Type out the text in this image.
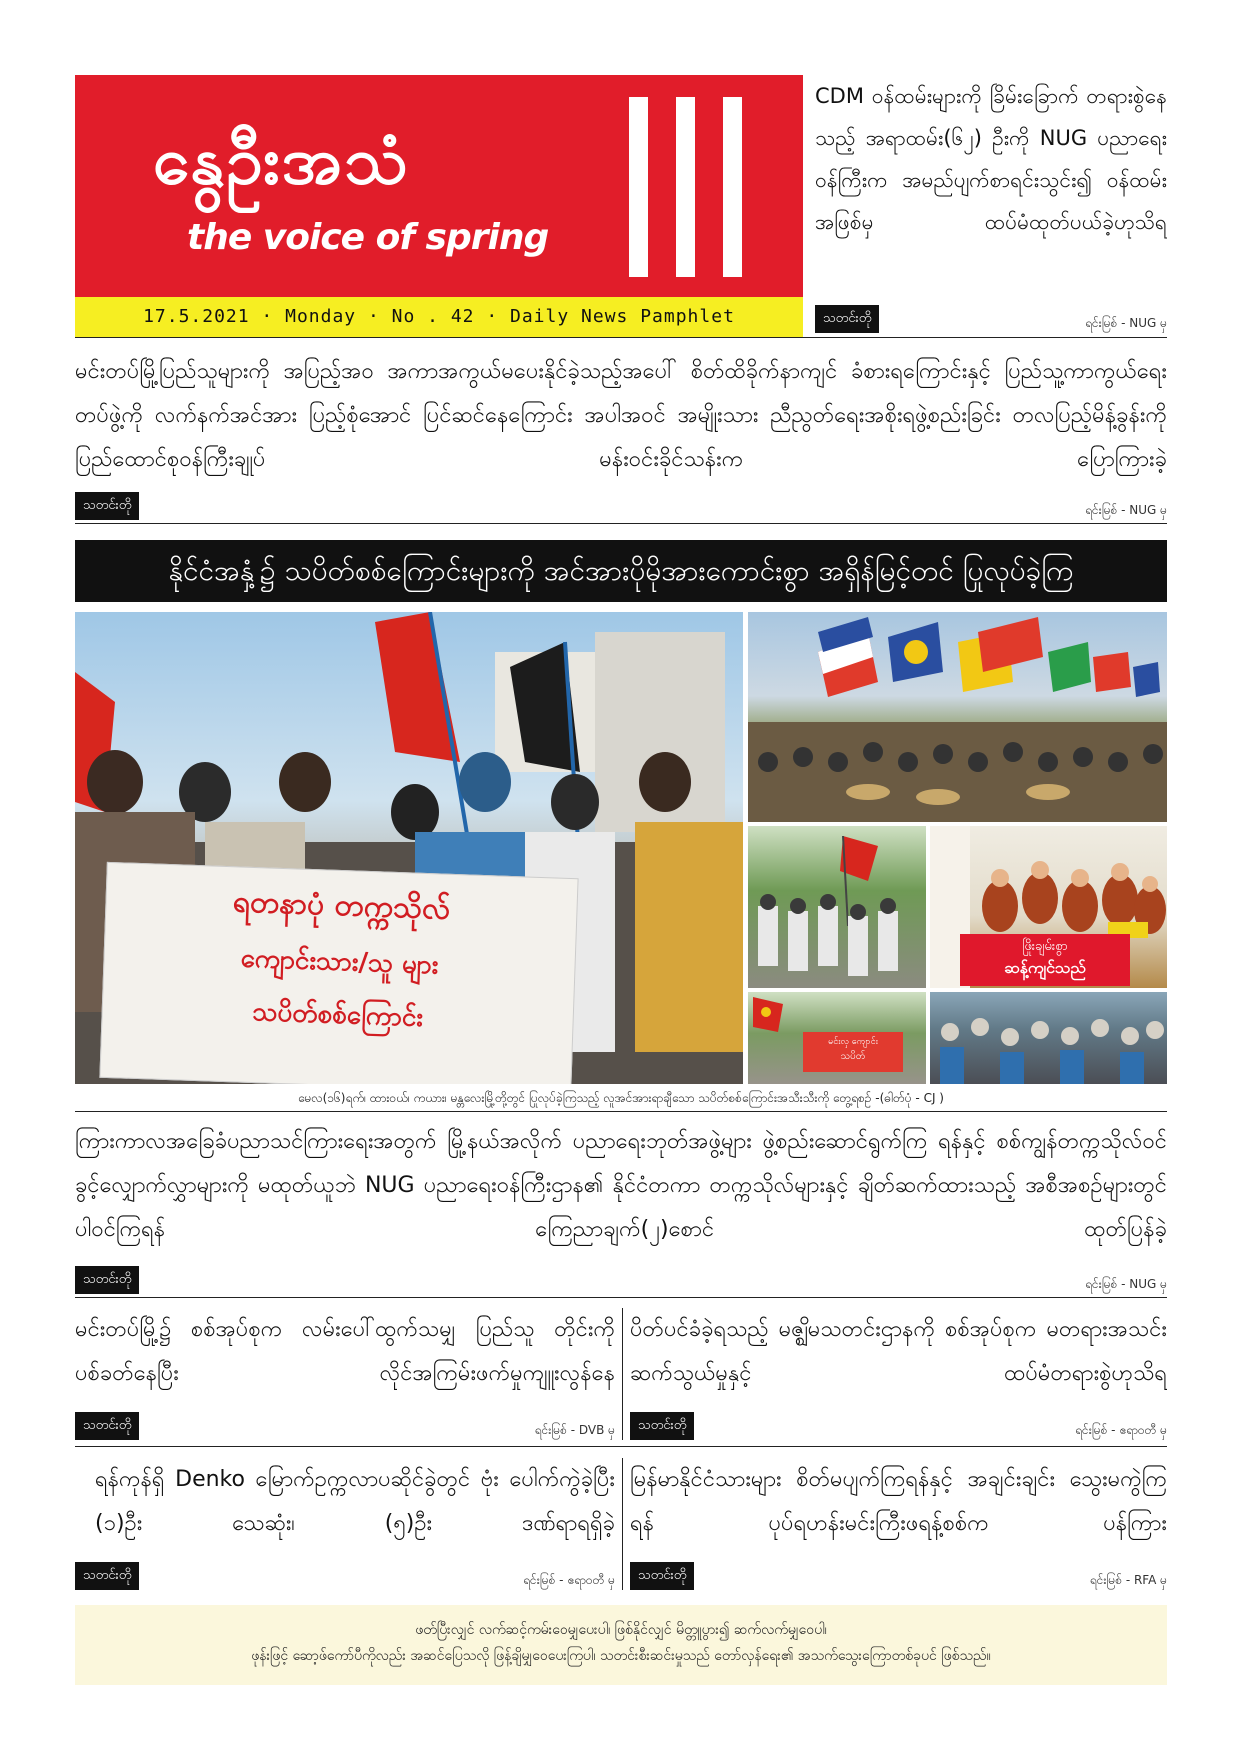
နွေဦးအသံ
the voice of spring
17.5.2021 · Monday · No . 42 · Daily News Pamphlet
CDM ဝန်ထမ်းများကို ခြိမ်းခြောက် တရားစွဲနေသည့် အရာထမ်း(၆၂) ဦးကို NUG ပညာရေးဝန်ကြီးက အမည်ပျက်စာရင်းသွင်း၍ ဝန်ထမ်း အဖြစ်မှ ထပ်မံထုတ်ပယ်ခဲ့ဟုသိရ
သတင်းတို	ရင်းမြစ် - NUG မှ
မင်းတပ်မြို့ပြည်သူများကို အပြည့်အဝ အကာအကွယ်မပေးနိုင်ခဲ့သည့်အပေါ် စိတ်ထိခိုက်နာကျင် ခံစားရကြောင်းနှင့် ပြည်သူ့ကာကွယ်ရေးတပ်ဖွဲ့ကို လက်နက်အင်အား ပြည့်စုံအောင် ပြင်ဆင်နေကြောင်း အပါအဝင် အမျိုးသား ညီညွတ်ရေးအစိုးရဖွဲ့စည်းခြင်း တလပြည့်မိန့်ခွန်းကို ပြည်ထောင်စုဝန်ကြီးချုပ် မန်းဝင်းခိုင်သန်းက ပြောကြားခဲ့
သတင်းတို	ရင်းမြစ် - NUG မှ
နိုင်ငံအနှံ့၌ သပိတ်စစ်ကြောင်းများကို အင်အားပိုမိုအားကောင်းစွာ အရှိန်မြင့်တင် ပြုလုပ်ခဲ့ကြ
ရတနာပုံ တက္ကသိုလ်
ကျောင်းသား/သူ များ
သပိတ်စစ်ကြောင်း
ဖြိုးချမ်းစွာ
ဆန့်ကျင်သည်
မင်းလှ ကျောင်း
သပိတ်
မေလ(၁၆)ရက်၊ ထားဝယ်၊ ကယား၊ မန္တလေးမြို့တို့တွင် ပြုလုပ်ခဲ့ကြသည့် လူအင်အားရာချီသော သပိတ်စစ်ကြောင်းအသီးသီးကို တွေ့ရစဉ် -(ဓါတ်ပုံ - CJ )
ကြားကာလအခြေခံပညာသင်ကြားရေးအတွက် မြို့နယ်အလိုက် ပညာရေးဘုတ်အဖွဲ့များ ဖွဲ့စည်းဆောင်ရွက်ကြ ရန်နှင့် စစ်ကျွန်တက္ကသိုလ်ဝင်ခွင့်လျှောက်လွှာများကို မထုတ်ယူဘဲ NUG ပညာရေးဝန်ကြီးဌာန၏ နိုင်ငံတကာ တက္ကသိုလ်များနှင့် ချိတ်ဆက်ထားသည့် အစီအစဉ်များတွင် ပါဝင်ကြရန် ကြေညာချက်(၂)စောင် ထုတ်ပြန်ခဲ့
သတင်းတို	ရင်းမြစ် - NUG မှ
မင်းတပ်မြို့၌ စစ်အုပ်စုက လမ်းပေါ်ထွက်သမျှ ပြည်သူ တိုင်းကို ပစ်ခတ်နေပြီး လိုင်အကြမ်းဖက်မှုကျူးလွန်နေ
သတင်းတို	ရင်းမြစ် - DVB မှ
ပိတ်ပင်ခံခဲ့ရသည့် မဇ္ဈိမသတင်းဌာနကို စစ်အုပ်စုက မတရားအသင်းဆက်သွယ်မှုနှင့် ထပ်မံတရားစွဲဟုသိရ
သတင်းတို	ရင်းမြစ် - ဧရာဝတီ မှ
ရန်ကုန်ရှိ Denko မြောက်ဥက္ကလာပဆိုင်ခွဲတွင် ဗုံး ပေါက်ကွဲခဲ့ပြီး (၁)ဦး သေဆုံး၊ (၅)ဦး ဒဏ်ရာရရှိခဲ့
သတင်းတို	ရင်းမြစ် - ဧရာဝတီ မှ
မြန်မာနိုင်ငံသားများ စိတ်မပျက်ကြရန်နှင့် အချင်းချင်း သွေးမကွဲကြရန် ပုပ်ရဟန်းမင်းကြီးဖရန့်စစ်က ပန်ကြား
သတင်းတို	ရင်းမြစ် - RFA မှ
ဖတ်ပြီးလျှင် လက်ဆင့်ကမ်းဝေမျှပေးပါ၊ ဖြစ်နိုင်လျှင် မိတ္တူပွား၍ ဆက်လက်မျှဝေပါ၊
ဖုန်းဖြင့် ဆော့ဖ်ကော်ပီကိုလည်း အဆင်ပြေသလို ဖြန့်ချိမျှဝေပေးကြပါ၊ သတင်းစီးဆင်းမှုသည် တော်လှန်ရေး၏ အသက်သွေးကြောတစ်ခုပင် ဖြစ်သည်။
